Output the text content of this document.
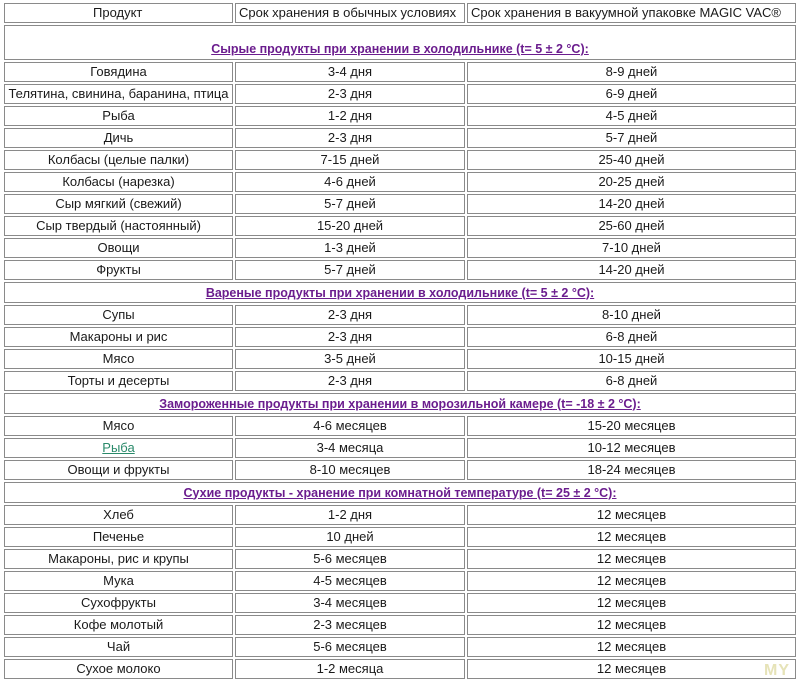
Продукт	Срок хранения в обычных условиях	Срок хранения в вакуумной упаковке MAGIC VAC®
Сырые продукты при хранении в холодильнике (t= 5 ± 2 °C):		
Говядина	3-4 дня	8-9 дней
Телятина, свинина, баранина, птица	2-3 дня	6-9 дней
Рыба	1-2 дня	4-5 дней
Дичь	2-3 дня	5-7 дней
Колбасы (целые палки)	7-15 дней	25-40 дней
Колбасы (нарезка)	4-6 дней	20-25 дней
Сыр мягкий (свежий)	5-7 дней	14-20 дней
Сыр твердый (настоянный)	15-20 дней	25-60 дней
Овощи	1-3 дней	7-10 дней
Фрукты	5-7 дней	14-20 дней
Вареные продукты при хранении в холодильнике (t= 5 ± 2 °C):		
Супы	2-3 дня	8-10 дней
Макароны и рис	2-3 дня	6-8 дней
Мясо	3-5 дней	10-15 дней
Торты и десерты	2-3 дня	6-8 дней
Замороженные продукты при хранении в морозильной камере (t= -18 ± 2 °C):		
Мясо	4-6 месяцев	15-20 месяцев
Рыба	3-4 месяца	10-12 месяцев
Овощи и фрукты	8-10 месяцев	18-24 месяцев
Сухие продукты - хранение при комнатной температуре (t= 25 ± 2 °C):		
Хлеб	1-2 дня	12 месяцев
Печенье	10 дней	12 месяцев
Макароны, рис и крупы	5-6 месяцев	12 месяцев
Мука	4-5 месяцев	12 месяцев
Сухофрукты	3-4 месяцев	12 месяцев
Кофе молотый	2-3 месяцев	12 месяцев
Чай	5-6 месяцев	12 месяцев
Сухое молоко	1-2 месяца	12 месяцев	MY
